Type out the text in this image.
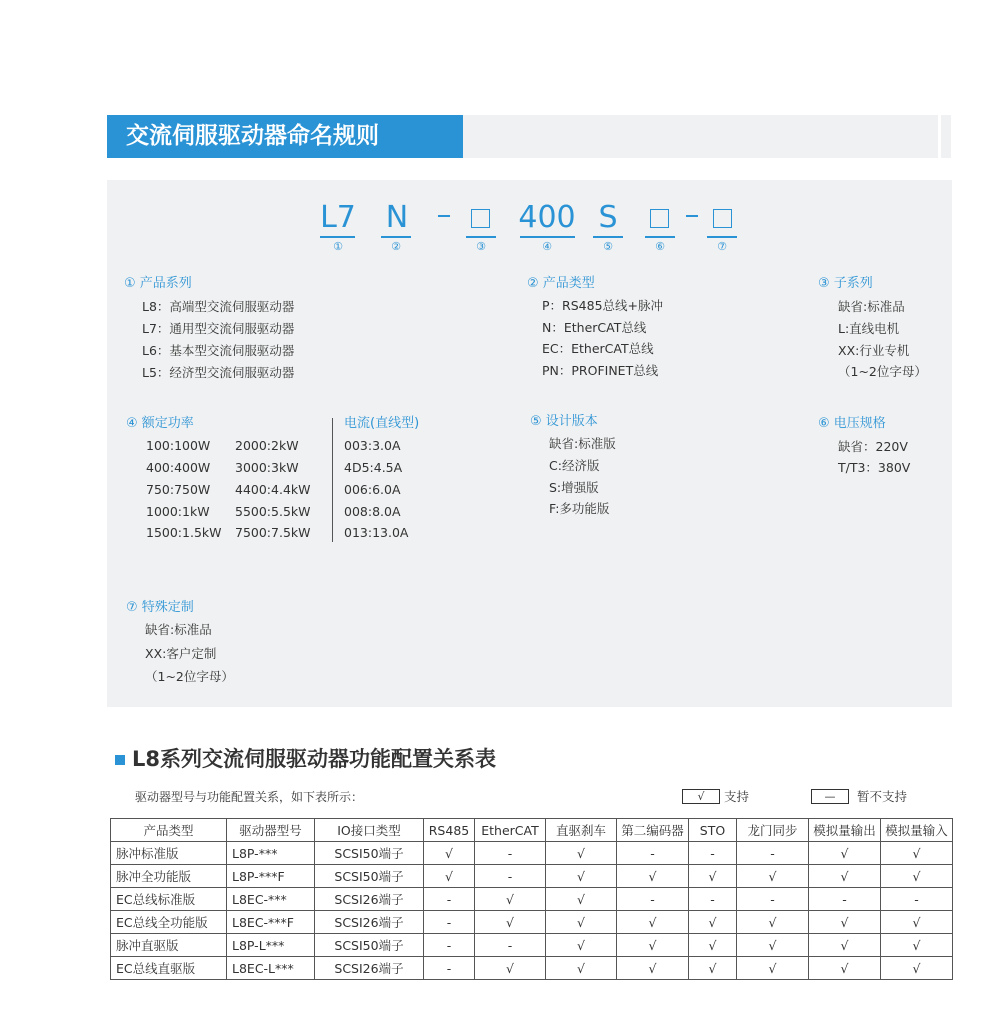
交流伺服驱动器命名规则
L7 N	400 S
①	②	③	④	⑤	⑥	⑦
① 产品系列
L8：高端型交流伺服驱动器
L7：通用型交流伺服驱动器
L6：基本型交流伺服驱动器
L5：经济型交流伺服驱动器
② 产品类型
P：RS485总线+脉冲
N：EtherCAT总线
EC：EtherCAT总线
PN：PROFINET总线
③ 子系列
缺省:标准品
L:直线电机
XX:行业专机
（1~2位字母）
④ 额定功率
100:100W
400:400W
750:750W
1000:1kW
1500:1.5kW
2000:2kW
3000:3kW
4400:4.4kW
5500:5.5kW
7500:7.5kW
电流(直线型)
003:3.0A
4D5:4.5A
006:6.0A
008:8.0A
013:13.0A
⑤ 设计版本
缺省:标准版
C:经济版
S:增强版
F:多功能版
⑥ 电压规格
缺省：220V
T/T3：380V
⑦ 特殊定制
缺省:标准品
XX:客户定制
（1~2位字母）
L8系列交流伺服驱动器功能配置关系表
驱动器型号与功能配置关系，如下表所示：	√	支持	—	暂不支持
产品类型	驱动器型号	IO接口类型	RS485	EtherCAT	直驱刹车	第二编码器	STO	龙门同步	模拟量输出	模拟量输入
脉冲标准版	L8P-***	SCSI50端子	√	-	√	-	-	-	√	√
脉冲全功能版	L8P-***F	SCSI50端子	√	-	√	√	√	√	√	√
EC总线标准版	L8EC-***	SCSI26端子	-	√	√	-	-	-	-	-
EC总线全功能版	L8EC-***F	SCSI26端子	-	√	√	√	√	√	√	√
脉冲直驱版	L8P-L***	SCSI50端子	-	-	√	√	√	√	√	√
EC总线直驱版	L8EC-L***	SCSI26端子	-	√	√	√	√	√	√	√
